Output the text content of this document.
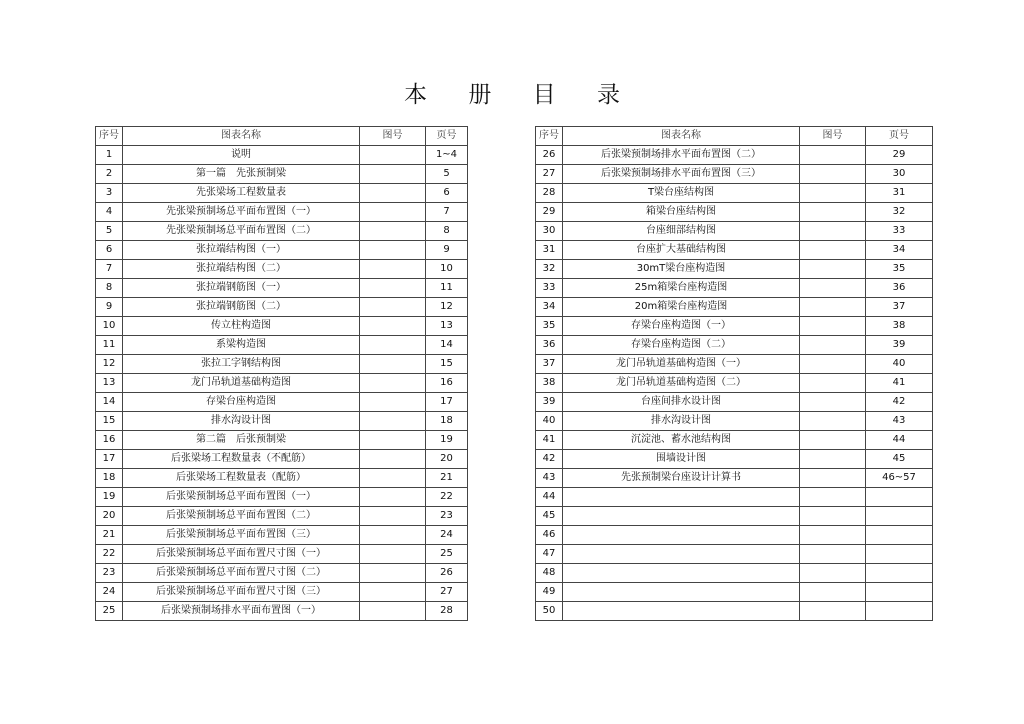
本 册 目 录
序号	图表名称	图号	页号
1	说明		1~4
2	第一篇　先张预制梁		5
3	先张梁场工程数量表		6
4	先张梁预制场总平面布置图（一）		7
5	先张梁预制场总平面布置图（二）		8
6	张拉端结构图（一）		9
7	张拉端结构图（二）		10
8	张拉端钢筋图（一）		11
9	张拉端钢筋图（二）		12
10	传立柱构造图		13
11	系梁构造图		14
12	张拉工字钢结构图		15
13	龙门吊轨道基础构造图		16
14	存梁台座构造图		17
15	排水沟设计图		18
16	第二篇　后张预制梁		19
17	后张梁场工程数量表（不配筋）		20
18	后张梁场工程数量表（配筋）		21
19	后张梁预制场总平面布置图（一）		22
20	后张梁预制场总平面布置图（二）		23
21	后张梁预制场总平面布置图（三）		24
22	后张梁预制场总平面布置尺寸图（一）		25
23	后张梁预制场总平面布置尺寸图（二）		26
24	后张梁预制场总平面布置尺寸图（三）		27
25	后张梁预制场排水平面布置图（一）		28
序号	图表名称	图号	页号
26	后张梁预制场排水平面布置图（二）		29
27	后张梁预制场排水平面布置图（三）		30
28	T梁台座结构图		31
29	箱梁台座结构图		32
30	台座细部结构图		33
31	台座扩大基础结构图		34
32	30mT梁台座构造图		35
33	25m箱梁台座构造图		36
34	20m箱梁台座构造图		37
35	存梁台座构造图（一）		38
36	存梁台座构造图（二）		39
37	龙门吊轨道基础构造图（一）		40
38	龙门吊轨道基础构造图（二）		41
39	台座间排水设计图		42
40	排水沟设计图		43
41	沉淀池、蓄水池结构图		44
42	围墙设计图		45
43	先张预制梁台座设计计算书		46~57
44			
45			
46			
47			
48			
49			
50			
